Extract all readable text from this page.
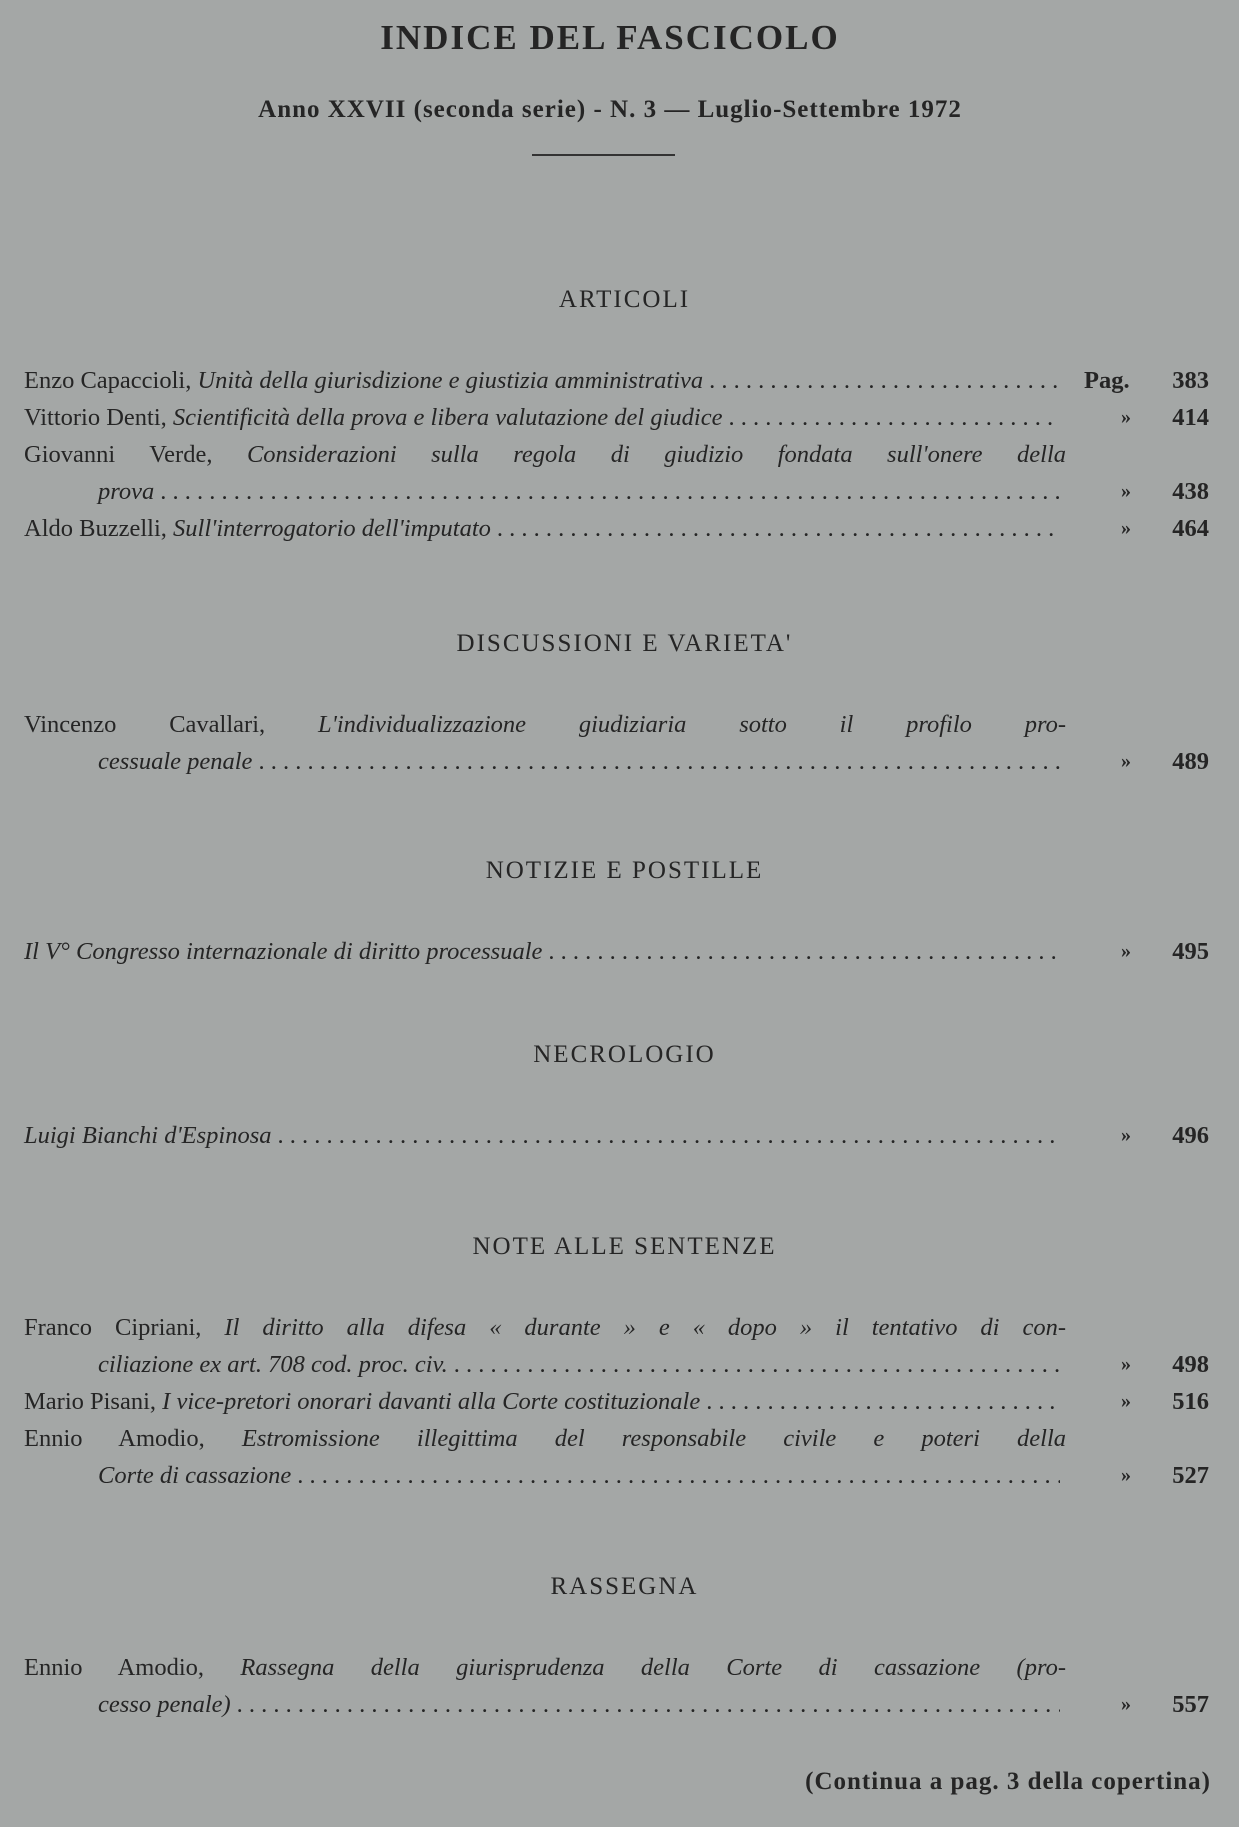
INDICE DEL FASCICOLO
Anno XXVII (seconda serie) - N. 3 — Luglio-Settembre 1972
ARTICOLI
Enzo Capaccioli, Unità della giurisdizione e giustizia amministrativa . . .	Pag.	383
Vittorio Denti, Scientificità della prova e libera valutazione del giudice . . .	»	414
Giovanni Verde, Considerazioni sulla regola di giudizio fondata sull'onere della
prova . . .	»	438
Aldo Buzzelli, Sull'interrogatorio dell'imputato . . .	»	464
DISCUSSIONI E VARIETA'
Vincenzo Cavallari, L'individualizzazione giudiziaria sotto il profilo pro-
cessuale penale . . .	»	489
NOTIZIE E POSTILLE
Il V° Congresso internazionale di diritto processuale . . .	»	495
NECROLOGIO
Luigi Bianchi d'Espinosa . . .	»	496
NOTE ALLE SENTENZE
Franco Cipriani, Il diritto alla difesa « durante » e « dopo » il tentativo di con-
ciliazione ex art. 708 cod. proc. civ. . . .	»	498
Mario Pisani, I vice-pretori onorari davanti alla Corte costituzionale . . .	»	516
Ennio Amodio, Estromissione illegittima del responsabile civile e poteri della
Corte di cassazione . . .	»	527
RASSEGNA
Ennio Amodio, Rassegna della giurisprudenza della Corte di cassazione (pro-
cesso penale) . . .	»	557
(Continua a pag. 3 della copertina)
